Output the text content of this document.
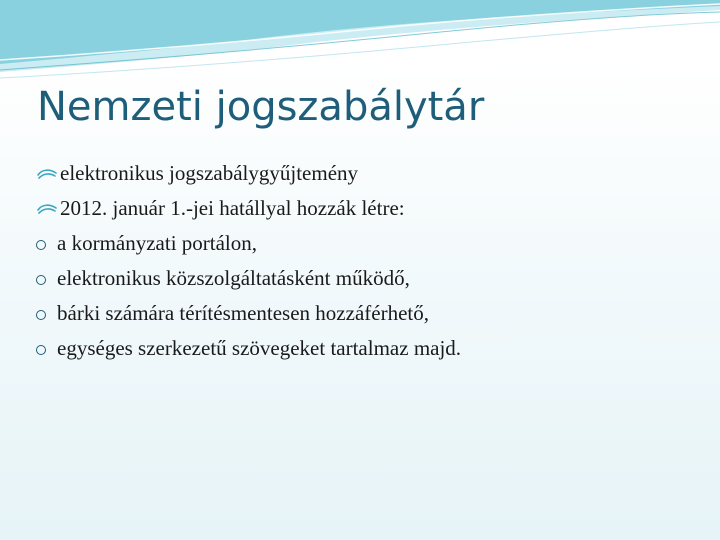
Nemzeti jogszabálytár
elektronikus jogszabálygyűjtemény
2012. január 1.-jei hatállyal hozzák létre:
a kormányzati portálon,
elektronikus közszolgáltatásként működő,
bárki számára térítésmentesen hozzáférhető,
egységes szerkezetű szövegeket tartalmaz majd.
